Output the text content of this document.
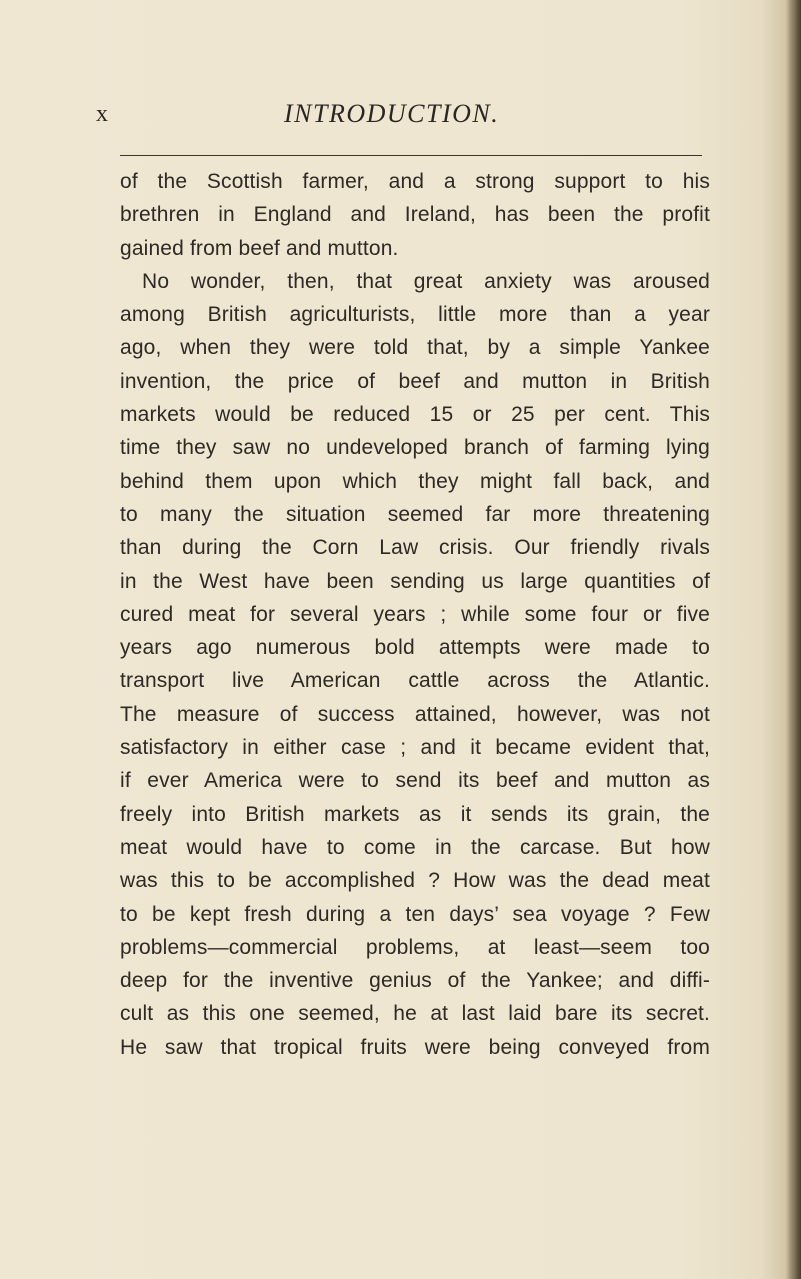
x	INTRODUCTION.
of the Scottish farmer, and a strong support to his
brethren in England and Ireland, has been the profit
gained from beef and mutton.
No wonder, then, that great anxiety was aroused
among British agriculturists, little more than a year
ago, when they were told that, by a simple Yankee
invention, the price of beef and mutton in British
markets would be reduced 15 or 25 per cent. This
time they saw no undeveloped branch of farming lying
behind them upon which they might fall back, and
to many the situation seemed far more threatening
than during the Corn Law crisis. Our friendly rivals
in the West have been sending us large quantities of
cured meat for several years ; while some four or five
years ago numerous bold attempts were made to
transport live American cattle across the Atlantic.
The measure of success attained, however, was not
satisfactory in either case ; and it became evident that,
if ever America were to send its beef and mutton as
freely into British markets as it sends its grain, the
meat would have to come in the carcase. But how
was this to be accomplished ? How was the dead meat
to be kept fresh during a ten days’ sea voyage ? Few
problems—commercial problems, at least—seem too
deep for the inventive genius of the Yankee; and diffi-
cult as this one seemed, he at last laid bare its secret.
He saw that tropical fruits were being conveyed from
